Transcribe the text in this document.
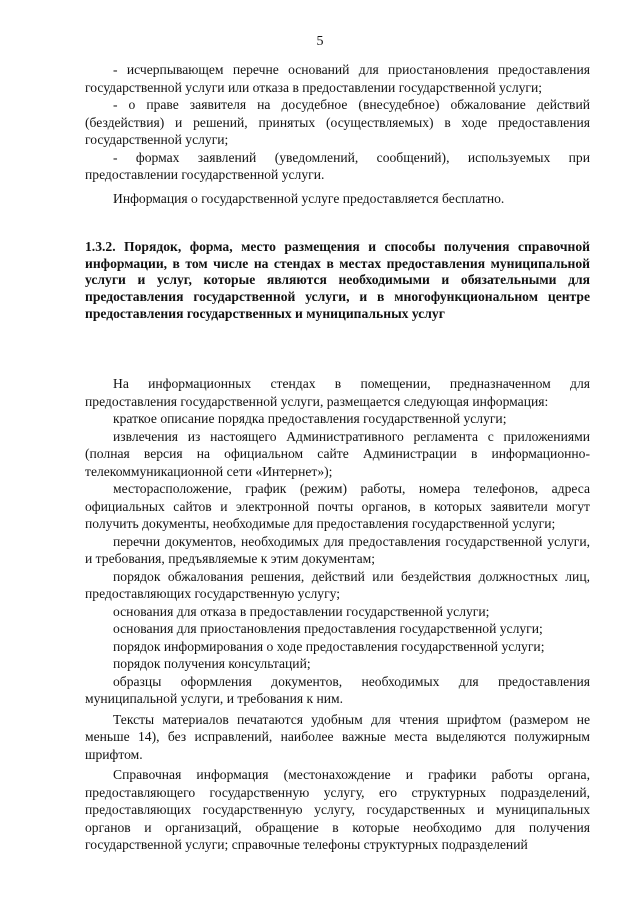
5

- исчерпывающем перечне оснований для приостановления предоставления государственной услуги или отказа в предоставлении государственной услуги;

- о праве заявителя на досудебное (внесудебное) обжалование действий (бездействия) и решений, принятых (осуществляемых) в ходе предоставления государственной услуги;

- формах заявлений (уведомлений, сообщений), используемых при предоставлении государственной услуги.

Информация о государственной услуге предоставляется бесплатно.

1.3.2. Порядок, форма, место размещения и способы получения справочной информации, в том числе на стендах в местах предоставления муниципальной услуги и услуг, которые являются необходимыми и обязательными для предоставления государственной услуги, и в многофункциональном центре предоставления государственных и муниципальных услуг

На информационных стендах в помещении, предназначенном для предоставления государственной услуги, размещается следующая информация:

краткое описание порядка предоставления государственной услуги;

извлечения из настоящего Административного регламента с приложениями (полная версия на официальном сайте Администрации в информационно-телекоммуникационной сети «Интернет»);

месторасположение, график (режим) работы, номера телефонов, адреса официальных сайтов и электронной почты органов, в которых заявители могут получить документы, необходимые для предоставления государственной услуги;

перечни документов, необходимых для предоставления государственной услуги, и требования, предъявляемые к этим документам;

порядок обжалования решения, действий или бездействия должностных лиц, предоставляющих государственную услугу;

основания для отказа в предоставлении государственной услуги;

основания для приостановления предоставления государственной услуги;

порядок информирования о ходе предоставления государственной услуги;

порядок получения консультаций;

образцы оформления документов, необходимых для предоставления муниципальной услуги, и требования к ним.

Тексты материалов печатаются удобным для чтения шрифтом (размером не меньше 14), без исправлений, наиболее важные места выделяются полужирным шрифтом.

Справочная информация (местонахождение и графики работы органа, предоставляющего государственную услугу, его структурных подразделений, предоставляющих государственную услугу, государственных и муниципальных органов и организаций, обращение в которые необходимо для получения государственной услуги; справочные телефоны структурных подразделений
